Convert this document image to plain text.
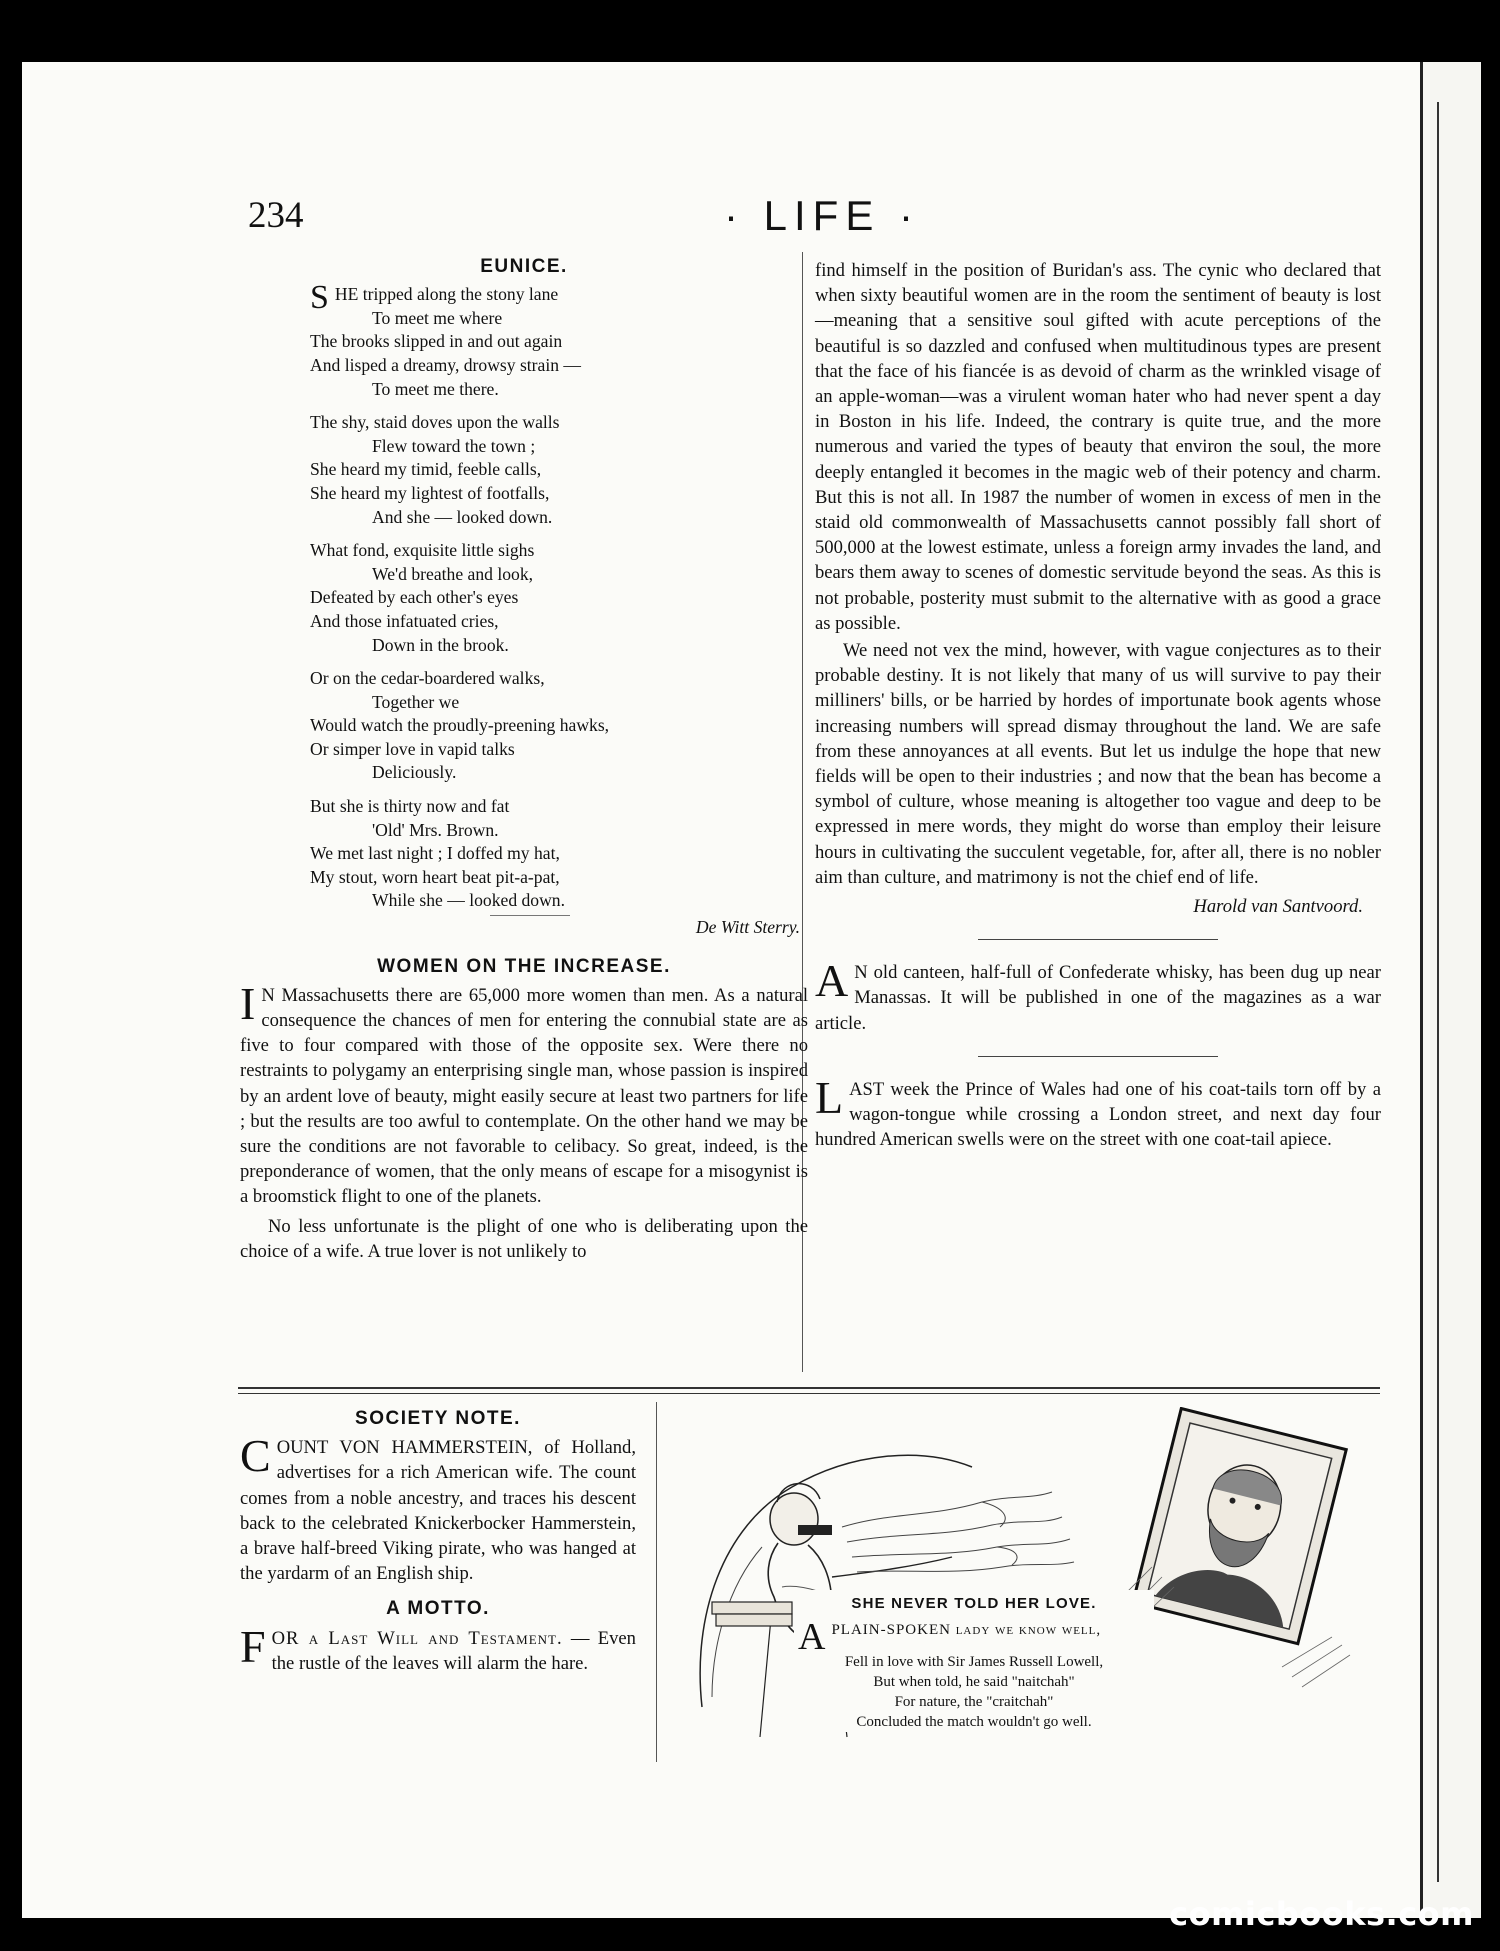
234	· LIFE ·
EUNICE.
SHE tripped along the stony lane
To meet me where
The brooks slipped in and out again
And lisped a dreamy, drowsy strain —
To meet me there.
The shy, staid doves upon the walls
Flew toward the town ;
She heard my timid, feeble calls,
She heard my lightest of footfalls,
And she — looked down.
What fond, exquisite little sighs
We'd breathe and look,
Defeated by each other's eyes
And those infatuated cries,
Down in the brook.
Or on the cedar-boardered walks,
Together we
Would watch the proudly-preening hawks,
Or simper love in vapid talks
Deliciously.
But she is thirty now and fat
'Old' Mrs. Brown.
We met last night ; I doffed my hat,
My stout, worn heart beat pit-a-pat,
While she — looked down.
De Witt Sterry.
WOMEN ON THE INCREASE.

I N Massachusetts there are 65,000 more women than men. As a natural consequence the chances of men for entering the connubial state are as five to four compared with those of the opposite sex. Were there no restraints to polygamy an enterprising single man, whose passion is inspired by an ardent love of beauty, might easily secure at least two partners for life ; but the results are too awful to contemplate. On the other hand we may be sure the conditions are not favorable to celibacy. So great, indeed, is the preponderance of women, that the only means of escape for a misogynist is a broomstick flight to one of the planets.

No less unfortunate is the plight of one who is deliberating upon the choice of a wife. A true lover is not unlikely to

find himself in the position of Buridan's ass. The cynic who declared that when sixty beautiful women are in the room the sentiment of beauty is lost—meaning that a sensitive soul gifted with acute perceptions of the beautiful is so dazzled and confused when multitudinous types are present that the face of his fiancée is as devoid of charm as the wrinkled visage of an apple-woman—was a virulent woman hater who had never spent a day in Boston in his life. Indeed, the contrary is quite true, and the more numerous and varied the types of beauty that environ the soul, the more deeply entangled it becomes in the magic web of their potency and charm. But this is not all. In 1987 the number of women in excess of men in the staid old commonwealth of Massachusetts cannot possibly fall short of 500,000 at the lowest estimate, unless a foreign army invades the land, and bears them away to scenes of domestic servitude beyond the seas. As this is not probable, posterity must submit to the alternative with as good a grace as possible.

We need not vex the mind, however, with vague conjectures as to their probable destiny. It is not likely that many of us will survive to pay their milliners' bills, or be harried by hordes of importunate book agents whose increasing numbers will spread dismay throughout the land. We are safe from these annoyances at all events. But let us indulge the hope that new fields will be open to their industries ; and now that the bean has become a symbol of culture, whose meaning is altogether too vague and deep to be expressed in mere words, they might do worse than employ their leisure hours in cultivating the succulent vegetable, for, after all, there is no nobler aim than culture, and matrimony is not the chief end of life.

Harold van Santvoord.

A N old canteen, half-full of Confederate whisky, has been dug up near Manassas. It will be published in one of the magazines as a war article.

LAST week the Prince of Wales had one of his coat-tails torn off by a wagon-tongue while crossing a London street, and next day four hundred American swells were on the street with one coat-tail apiece.

SOCIETY NOTE.

COUNT VON HAMMERSTEIN, of Holland, advertises for a rich American wife. The count comes from a noble ancestry, and traces his descent back to the celebrated Knickerbocker Hammerstein, a brave half-breed Viking pirate, who was hanged at the yardarm of an English ship.

A MOTTO.

FOR a Last Will and Testament. — Even the rustle of the leaves will alarm the hare.

SHE NEVER TOLD HER LOVE.
APLAIN-SPOKEN lady we know well,
Fell in love with Sir James Russell Lowell,
But when told, he said "naitchah"
For nature, the "craitchah"
Concluded the match wouldn't go well.
comicbooks.com
